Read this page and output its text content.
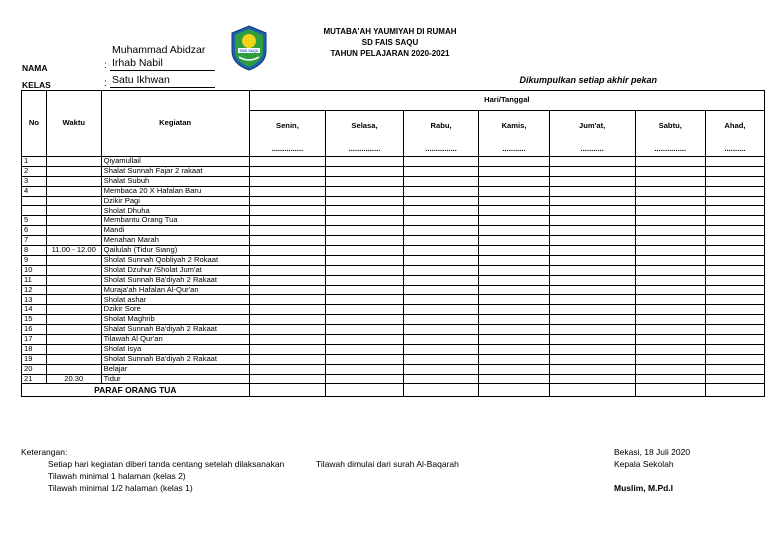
MUTABA'AH YAUMIYAH DI RUMAH
SD FAIS SAQU
TAHUN PELAJARAN 2020-2021
FAIS SAQU
Muhammad Abidzar
NAMA	: Irhab Nabil
KELAS	: Satu Ikhwan	Dikumpulkan setiap akhir pekan
No	Waktu	Kegiatan	Hari/Tanggal						
			Senin,	Selasa,	Rabu,	Kamis,	Jum'at,	Sabtu,	Ahad,
			...............	...............	...............	...........	...........	...............	..........
1		Qiyamullail							
2		Shalat Sunnah Fajar 2 rakaat							
3		Shalat Subuh							
4		Membaca 20 X Hafalan Baru							
		Dzikir Pagi							
		Sholat Dhuha							
5		Membantu Orang Tua							
6		Mandi							
7		Menahan Marah							
8	11.00 - 12.00	Qailulah (Tidur Siang)							
9		Sholat Sunnah Qobliyah 2 Rokaat							
10		Sholat Dzuhur /Sholat Jum'at							
11		Sholat Sunnah Ba'diyah 2 Rakaat							
12		Muraja'ah Hafalan Al-Qur'an							
13		Sholat ashar							
14		Dzikir Sore							
15		Sholat Maghrib							
16		Shalat Sunnah Ba'diyah 2 Rakaat							
17		Tilawah Al Qur'an							
18		Sholat Isya							
19		Sholat Sunnah Ba'diyah 2 Rakaat							
20		Belajar							
21	20.30	Tidur							
PARAF ORANG TUA									
Keterangan:
Setiap hari kegiatan diberi tanda centang setelah dilaksanakan	Tilawah dimulai dari surah Al-Baqarah
Tilawah minimal 1 halaman (kelas 2)
Tilawah minimal 1/2 halaman (kelas 1)
Bekasi, 18 Juli 2020
Kepala Sekolah
Muslim, M.Pd.I
